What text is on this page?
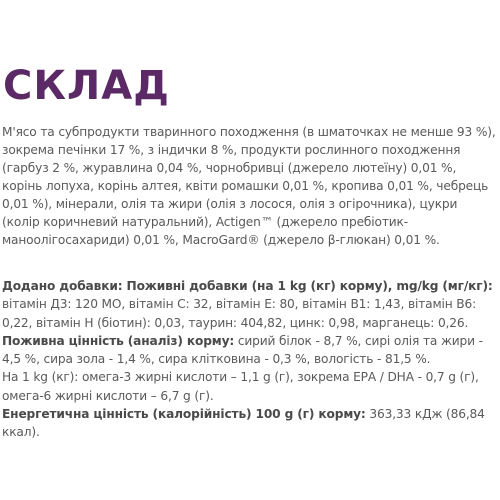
СКЛАД

М'ясо та субпродукти тваринного походження (в шматочках не менше 93 %), зокрема печінки 17 %, з індички 8 %, продукти рослинного походження (гарбуз 2 %, журавлина 0,04 %, чорнобривці (джерело лютеїну) 0,01 %, корінь лопуха, корінь алтея, квіти ромашки 0,01 %, кропива 0,01 %, чебрець 0,01 %), мінерали, олія та жири (олія з лосося, олія з огірочника), цукри (колір коричневий натуральний), Actigen™ (джерело пребіотик- маноолігосахариди) 0,01 %, MacroGard® (джерело β-глюкан) 0,01 %.

Додано добавки: Поживні добавки (на 1 kg (кг) корму), mg/kg (мг/кг): вітамін Д3: 120 МО, вітамін С: 32, вітамін Е: 80, вітамін В1: 1,43, вітамін В6: 0,22, вітамін Н (біотин): 0,03, таурин: 404,82, цинк: 0,98, марганець: 0,26.

Поживна цінність (аналіз) корму: сирий білок - 8,7 %, сирі олія та жири - 4,5 %, сира зола - 1,4 %, сира клітковина - 0,3 %, вологість - 81,5 %.

На 1 kg (кг): омега-3 жирні кислоти – 1,1 g (г), зокрема ЕРА / DHA - 0,7 g (г), омега-6 жирні кислоти – 6,7 g (г).

Енергетична цінність (калорійність) 100 g (г) корму: 363,33 кДж (86,84 ккал).
